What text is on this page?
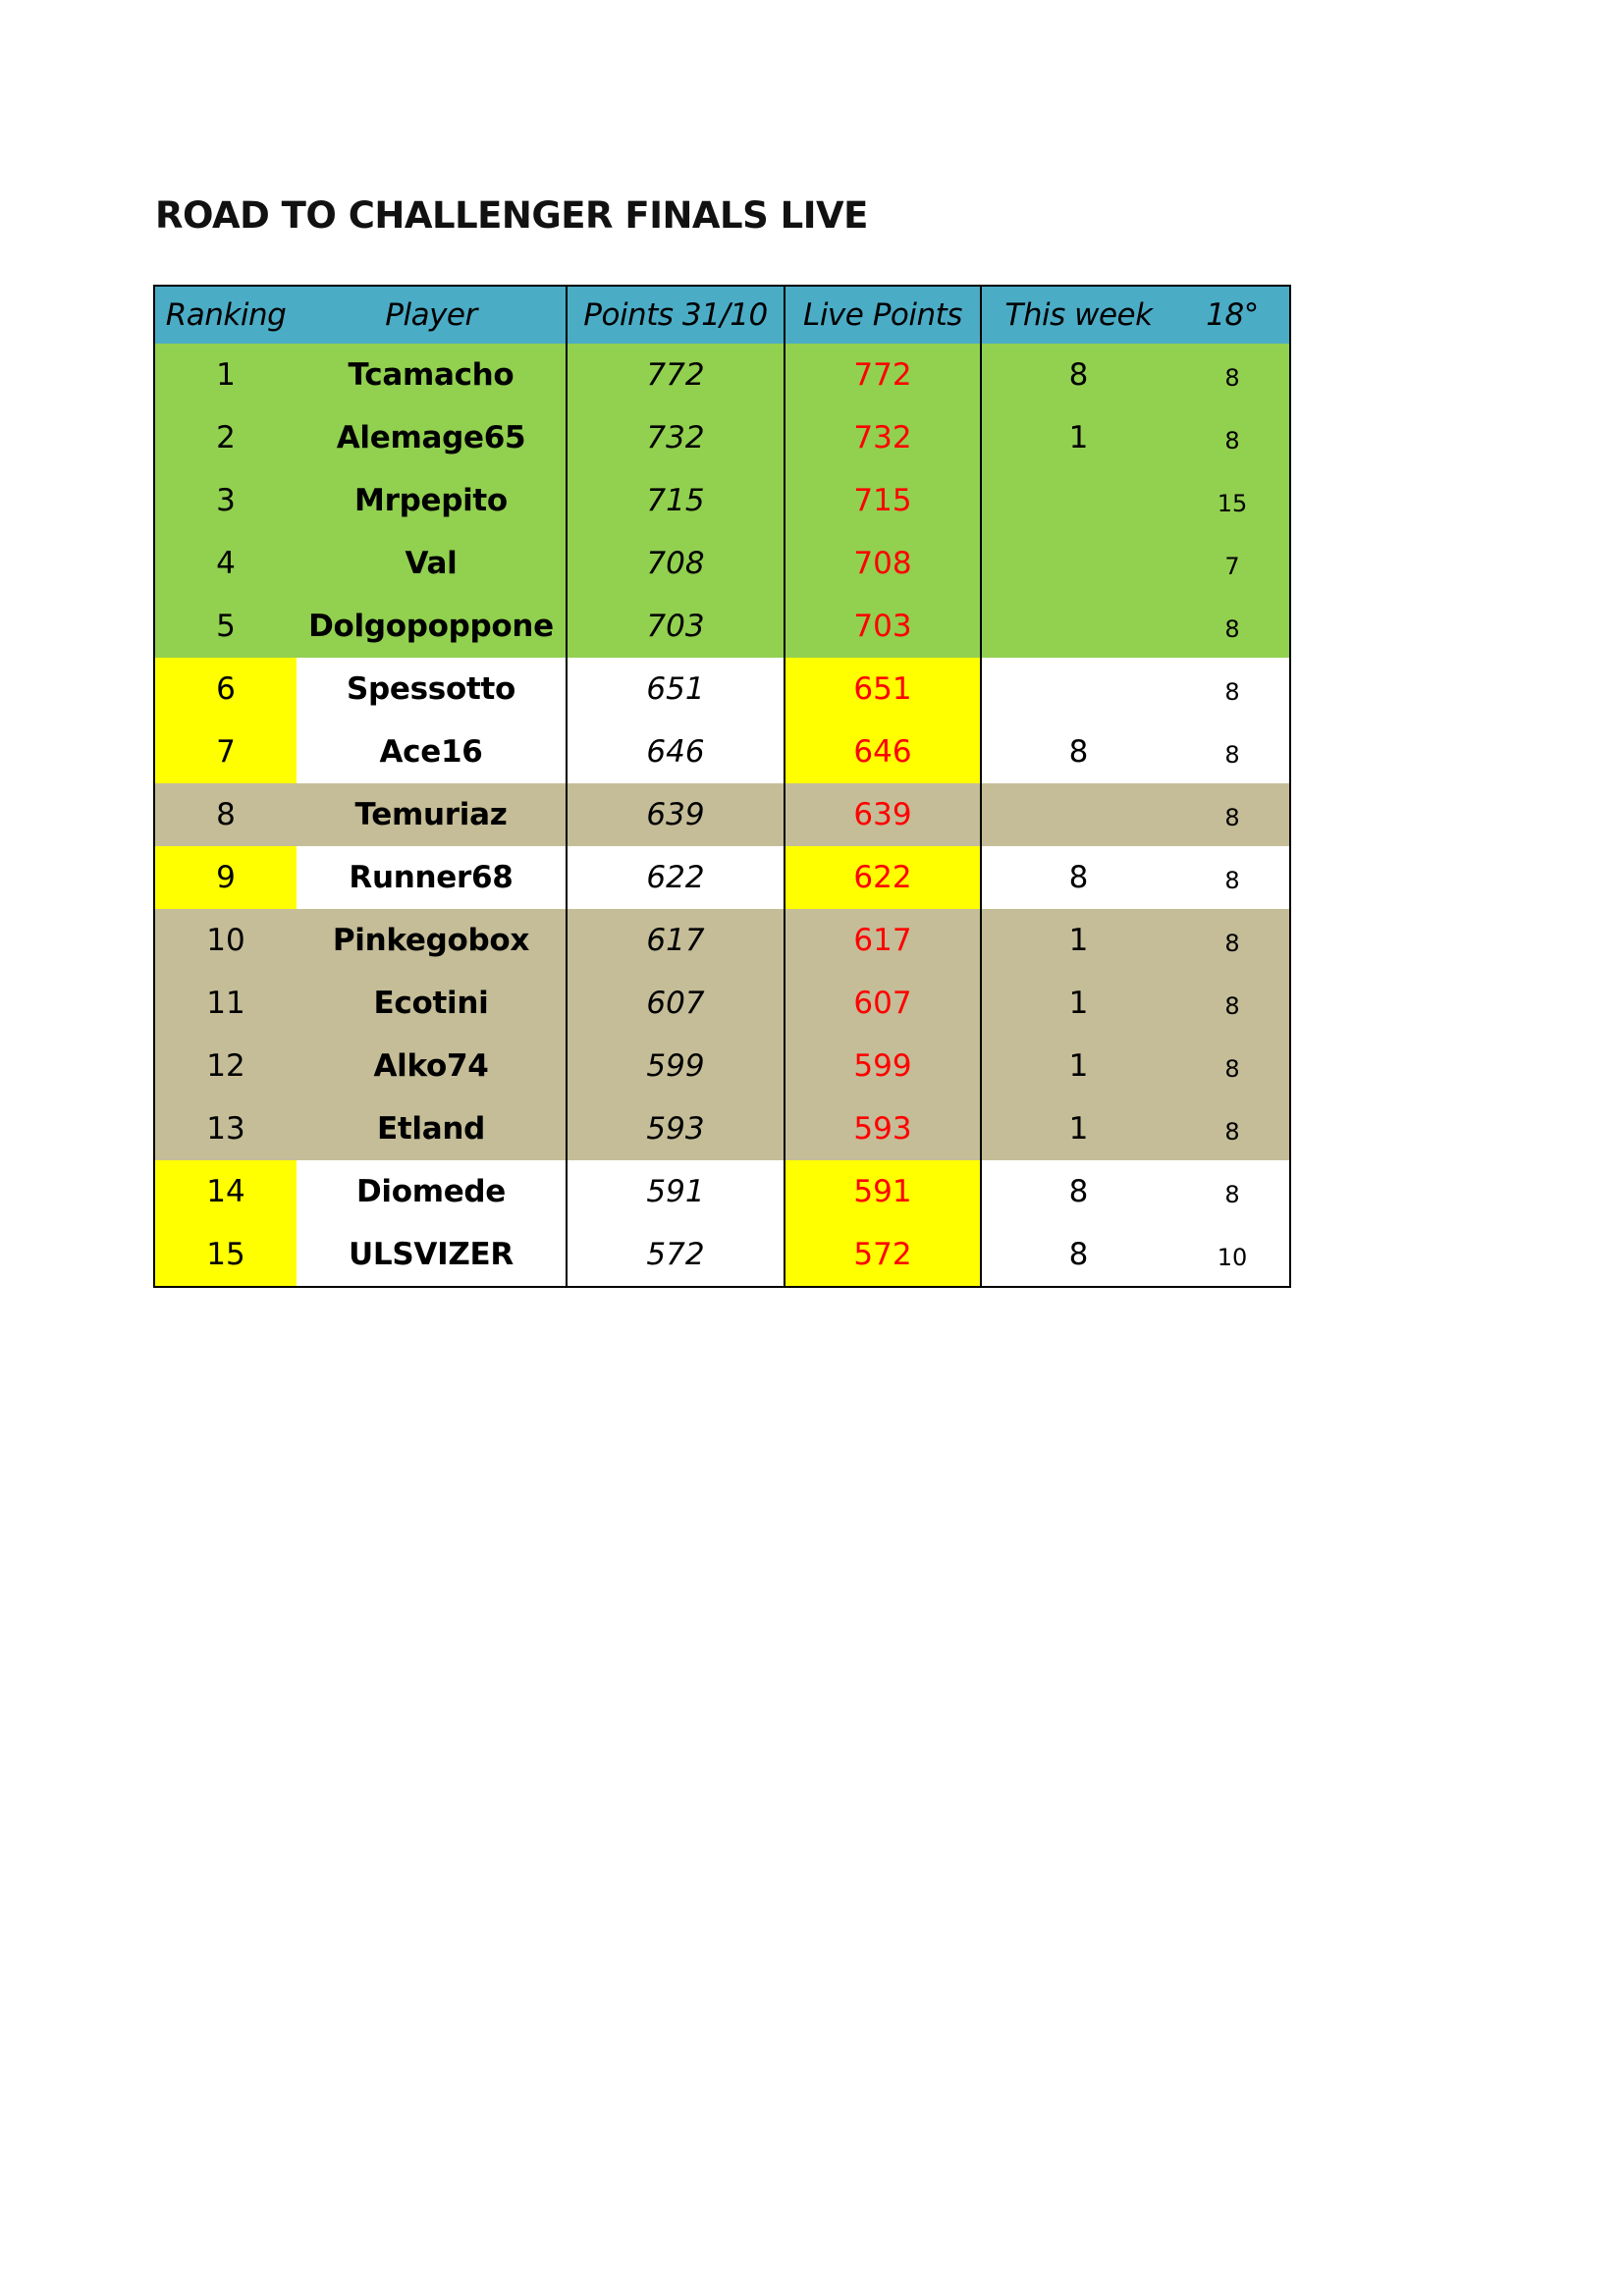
ROAD TO CHALLENGER FINALS LIVE
Ranking	Player	Points 31/10	Live Points	This week	18°
1	Tcamacho	772	772	8	8
2	Alemage65	732	732	1	8
3	Mrpepito	715	715		15
4	Val	708	708		7
5	Dolgopoppone	703	703		8
6	Spessotto	651	651		8
7	Ace16	646	646	8	8
8	Temuriaz	639	639		8
9	Runner68	622	622	8	8
10	Pinkegobox	617	617	1	8
11	Ecotini	607	607	1	8
12	Alko74	599	599	1	8
13	Etland	593	593	1	8
14	Diomede	591	591	8	8
15	ULSVIZER	572	572	8	10
